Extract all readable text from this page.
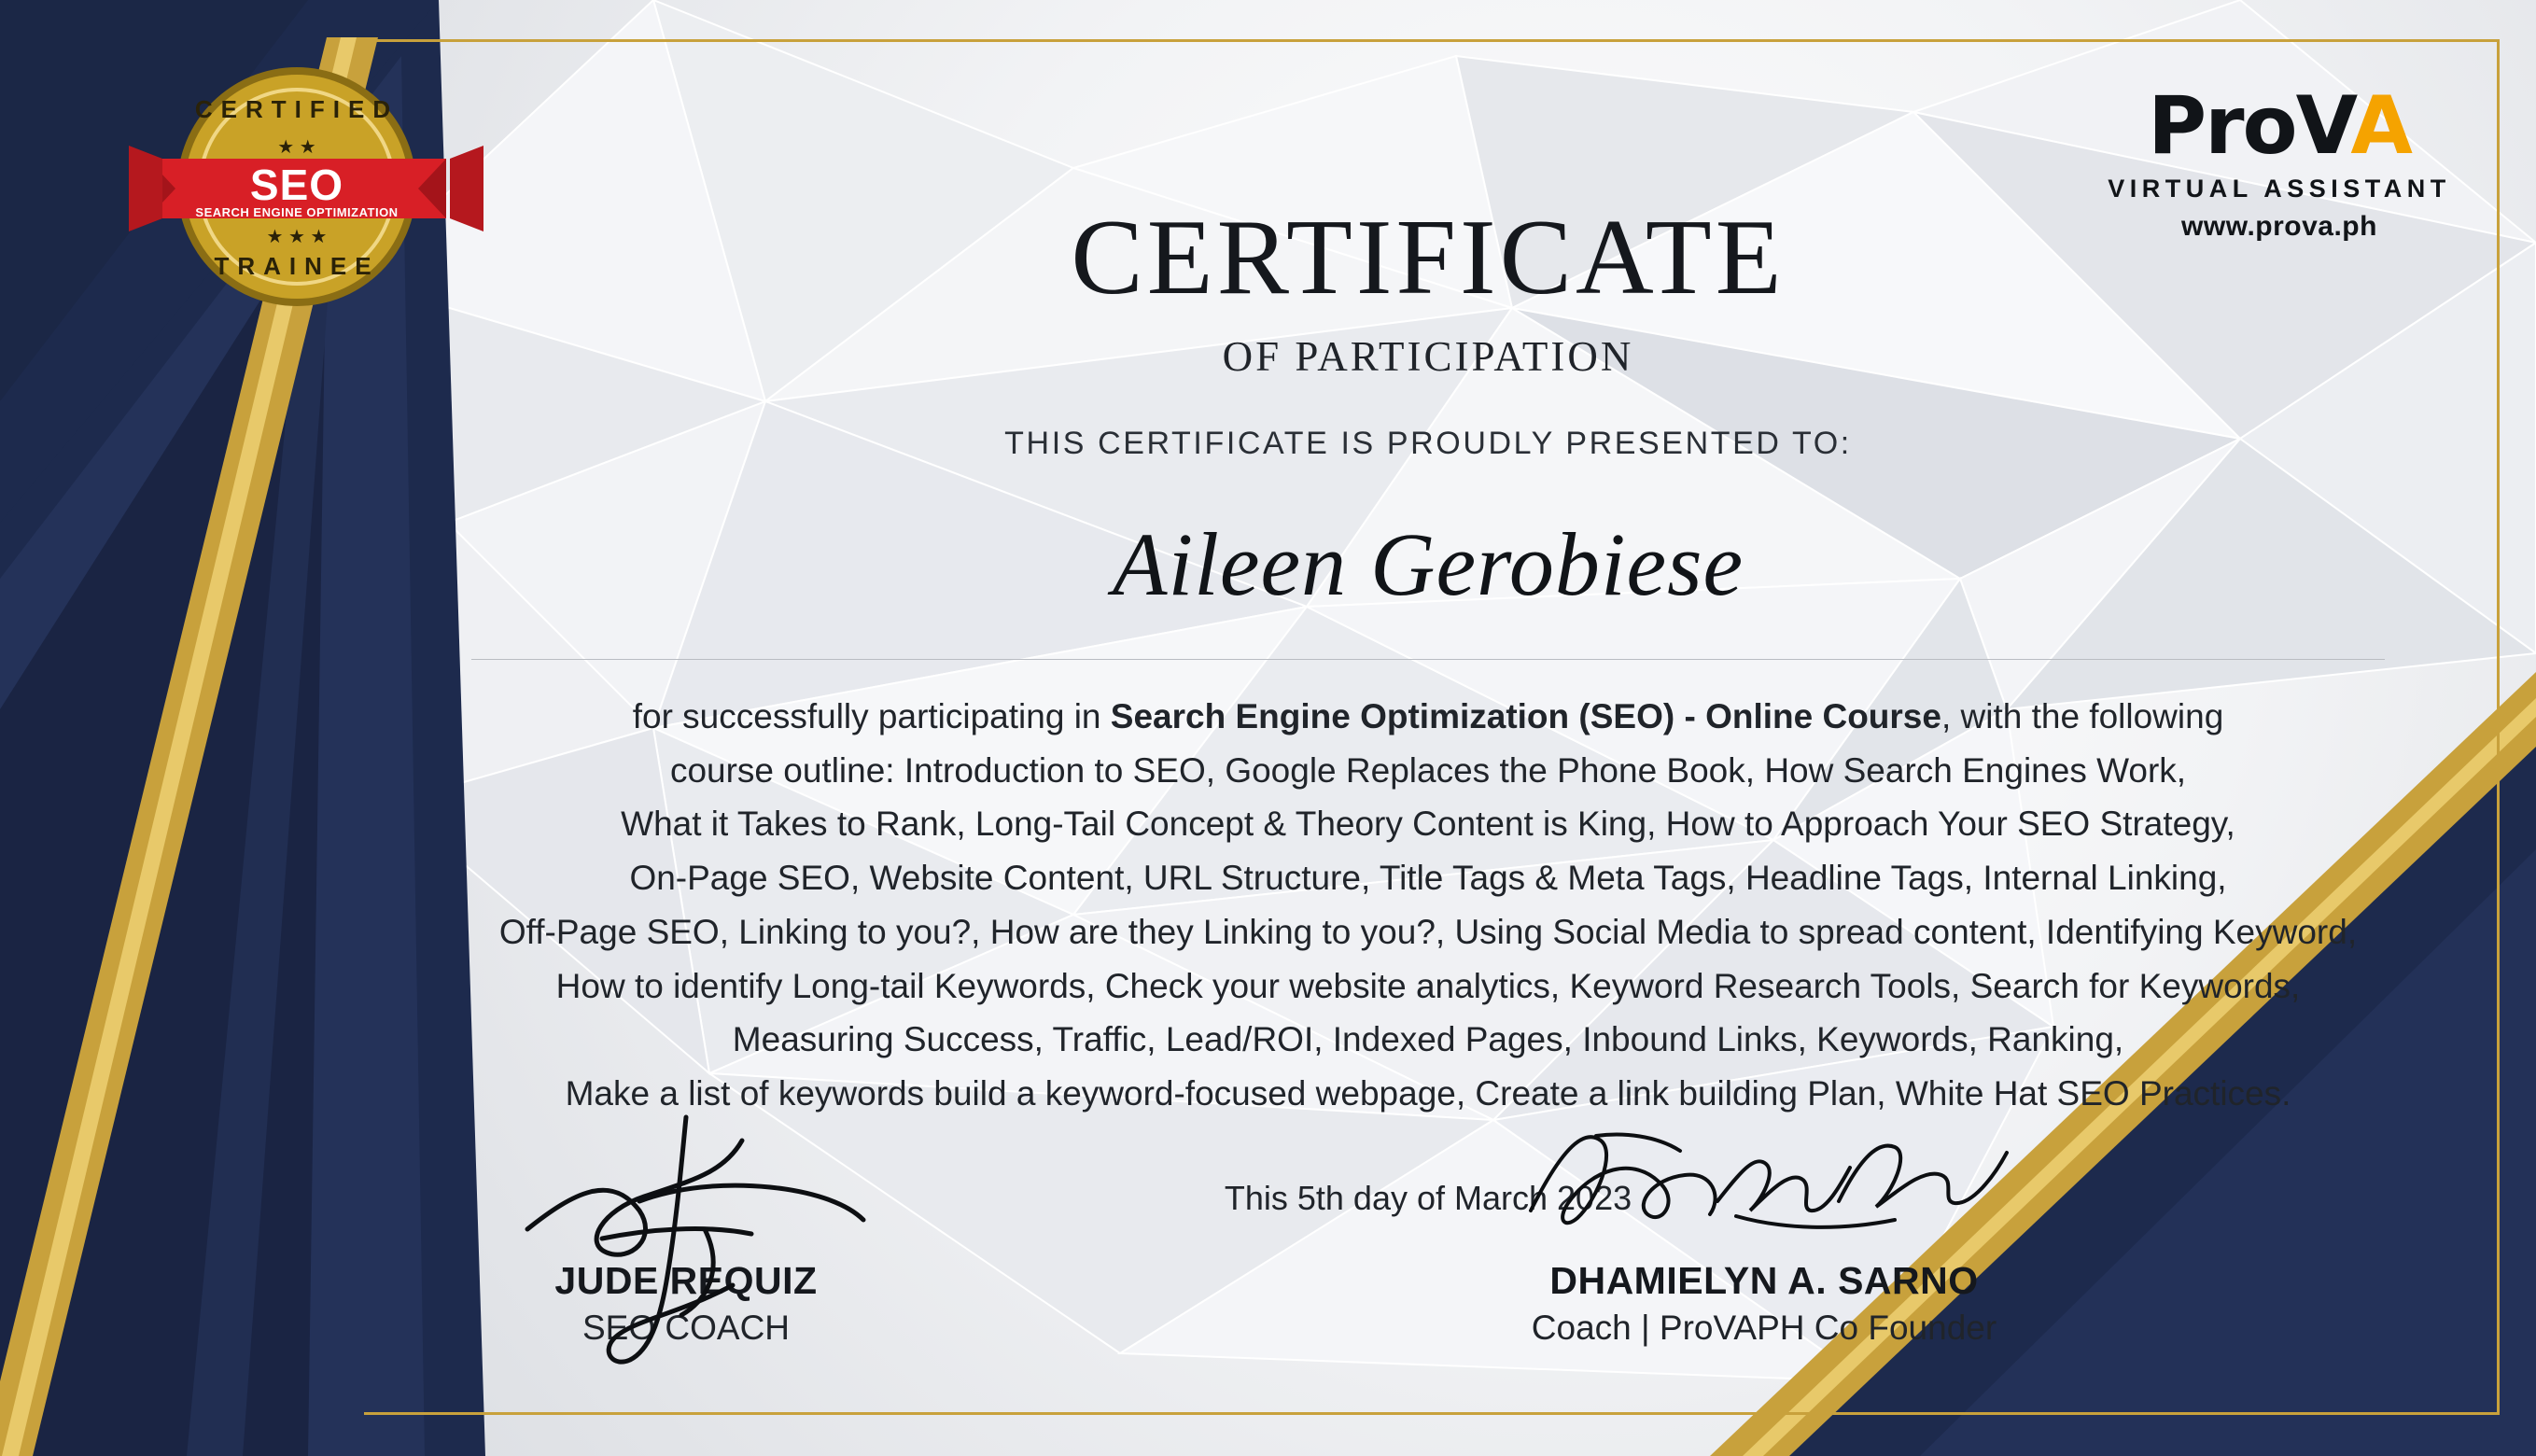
CERTIFIED
TRAINEE
★ ★
★ ★ ★
SEO
SEARCH ENGINE OPTIMIZATION
ProVA
VIRTUAL ASSISTANT
www.prova.ph
CERTIFICATE
OF PARTICIPATION
THIS CERTIFICATE IS PROUDLY PRESENTED TO:
Aileen Gerobiese
for successfully participating in Search Engine Optimization (SEO) - Online Course, with the following
course outline: Introduction to SEO, Google Replaces the Phone Book, How Search Engines Work,
What it Takes to Rank, Long-Tail Concept & Theory Content is King, How to Approach Your SEO Strategy,
On-Page SEO, Website Content, URL Structure, Title Tags & Meta Tags, Headline Tags, Internal Linking,
Off-Page SEO, Linking to you?, How are they Linking to you?, Using Social Media to spread content, Identifying Keyword,
How to identify Long-tail Keywords, Check your website analytics, Keyword Research Tools, Search for Keywords,
Measuring Success, Traffic, Lead/ROI, Indexed Pages, Inbound Links, Keywords, Ranking,
Make a list of keywords build a keyword-focused webpage, Create a link building Plan, White Hat SEO Practices.
This 5th day of March 2023
JUDE REQUIZ
SEO COACH
DHAMIELYN A. SARNO
Coach | ProVAPH Co Founder
